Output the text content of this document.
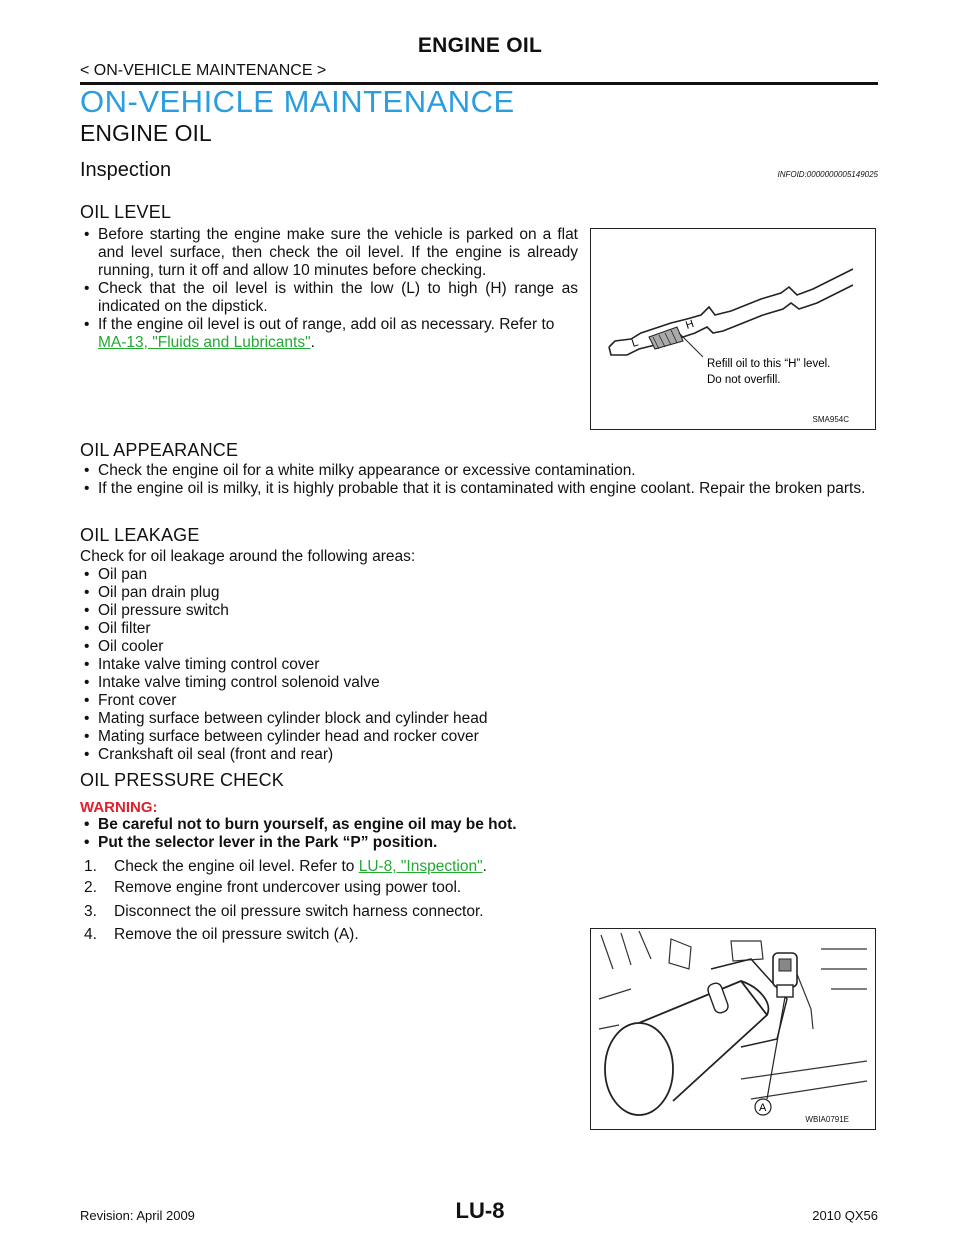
ENGINE OIL
< ON-VEHICLE MAINTENANCE >
ON-VEHICLE MAINTENANCE
ENGINE OIL
Inspection	INFOID:0000000005149025
OIL LEVEL
• Before starting the engine make sure the vehicle is parked on a flat and level surface, then check the oil level. If the engine is already running, turn it off and allow 10 minutes before checking.
• Check that the oil level is within the low (L) to high (H) range as indicated on the dipstick.
• If the engine oil level is out of range, add oil as necessary. Refer to
MA-13, "Fluids and Lubricants".	L
H
Refill oil to this “H” level.
Do not overfill.
SMA954C
OIL APPEARANCE
• Check the engine oil for a white milky appearance or excessive contamination.
• If the engine oil is milky, it is highly probable that it is contaminated with engine coolant. Repair the broken parts.
OIL LEAKAGE
Check for oil leakage around the following areas:
• Oil pan
• Oil pan drain plug
• Oil pressure switch
• Oil filter
• Oil cooler
• Intake valve timing control cover
• Intake valve timing control solenoid valve
• Front cover
• Mating surface between cylinder block and cylinder head
• Mating surface between cylinder head and rocker cover
• Crankshaft oil seal (front and rear)
OIL PRESSURE CHECK
WARNING:
• Be careful not to burn yourself, as engine oil may be hot.
• Put the selector lever in the Park “P” position.
1. Check the engine oil level. Refer to LU-8, "Inspection".
2. Remove engine front undercover using power tool.
3. Disconnect the oil pressure switch harness connector.
4. Remove the oil pressure switch (A).
A
WBIA0791E
Revision: April 2009	LU-8	2010 QX56
